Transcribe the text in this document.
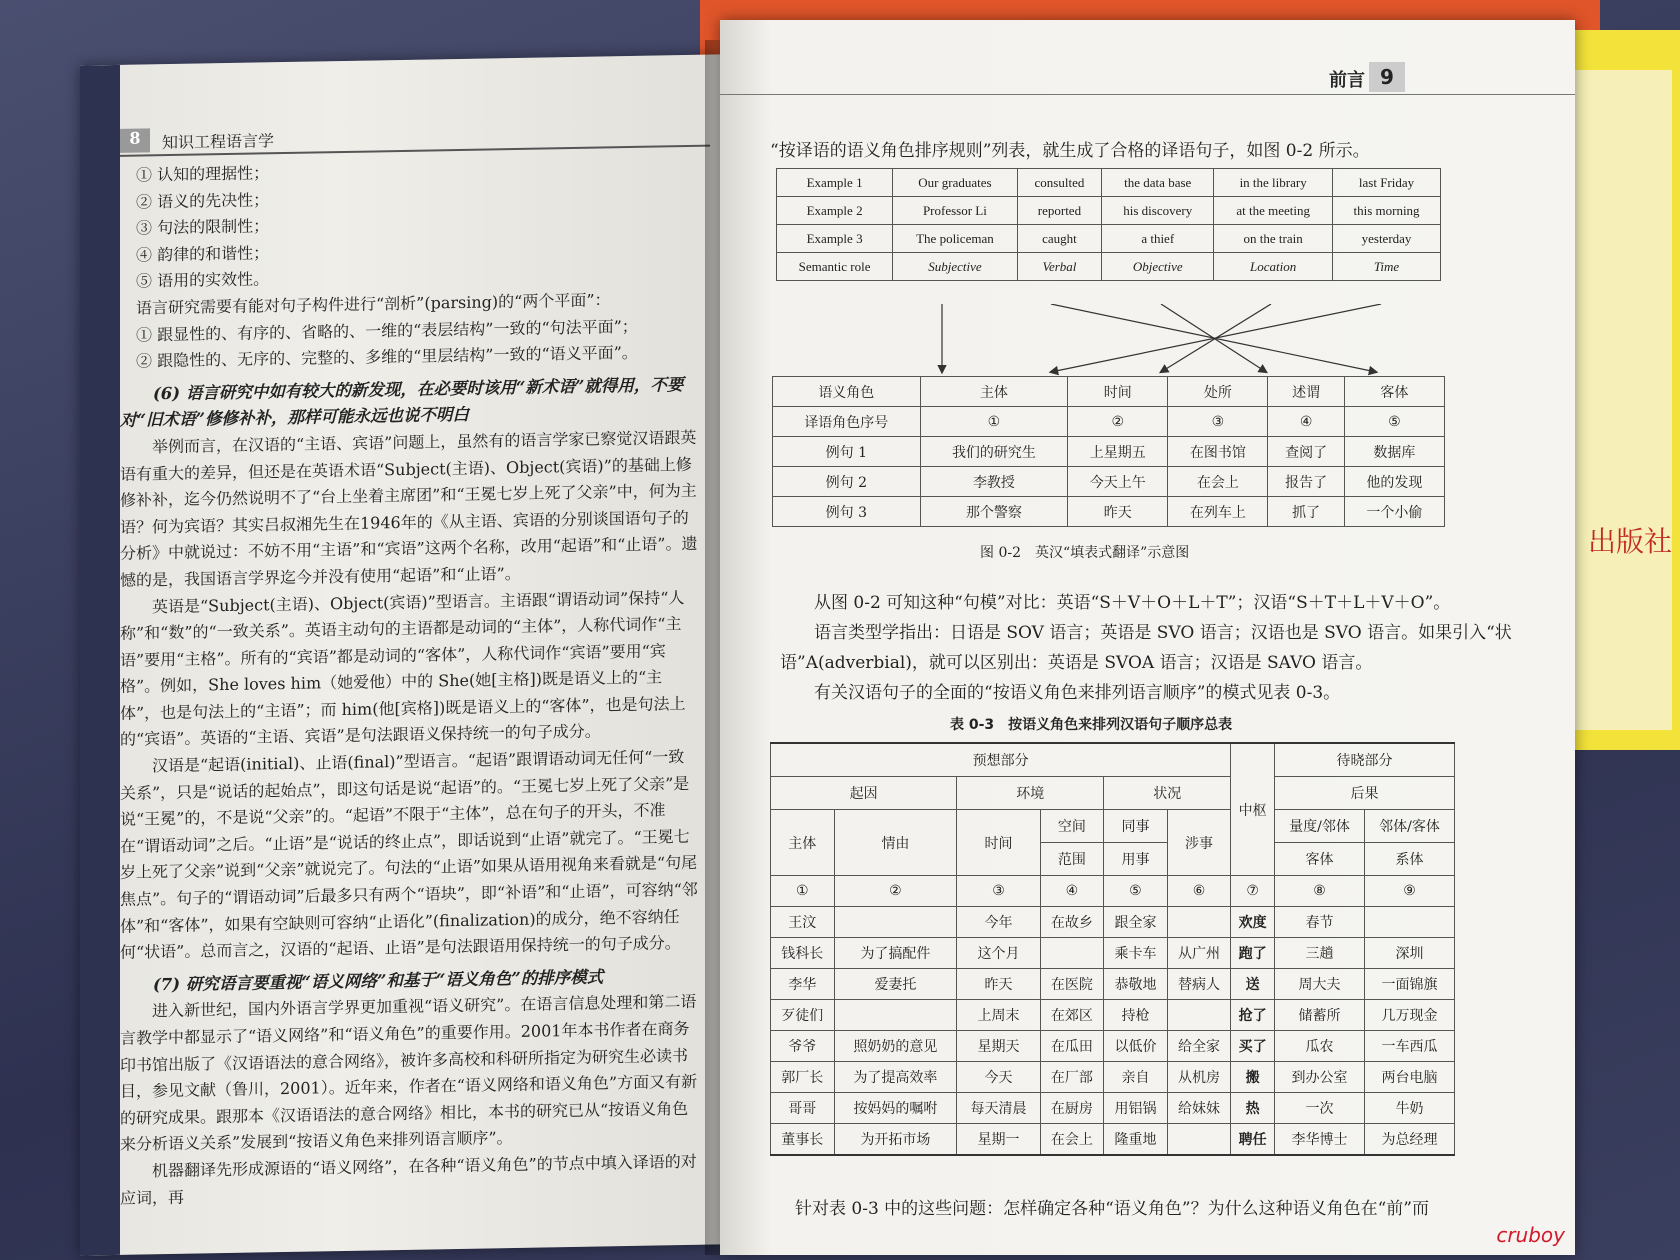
出版社
8	知识工程语言学

① 认知的理据性；

② 语义的先决性；

③ 句法的限制性；

④ 韵律的和谐性；

⑤ 语用的实效性。

语言研究需要有能对句子构件进行“剖析”(parsing)的“两个平面”：

① 跟显性的、有序的、省略的、一维的“表层结构”一致的“句法平面”；

② 跟隐性的、无序的、完整的、多维的“里层结构”一致的“语义平面”。

(6) 语言研究中如有较大的新发现，在必要时该用“新术语”就得用，不要对“旧术语”修修补补，那样可能永远也说不明白

举例而言，在汉语的“主语、宾语”问题上，虽然有的语言学家已察觉汉语跟英语有重大的差异，但还是在英语术语“Subject(主语)、Object(宾语)”的基础上修修补补，迄今仍然说明不了“台上坐着主席团”和“王冕七岁上死了父亲”中，何为主语？何为宾语？其实吕叔湘先生在1946年的《从主语、宾语的分别谈国语句子的分析》中就说过：不妨不用“主语”和“宾语”这两个名称，改用“起语”和“止语”。遗憾的是，我国语言学界迄今并没有使用“起语”和“止语”。

英语是“Subject(主语)、Object(宾语)”型语言。主语跟“谓语动词”保持“人称”和“数”的“一致关系”。英语主动句的主语都是动词的“主体”，人称代词作“主语”要用“主格”。所有的“宾语”都是动词的“客体”，人称代词作“宾语”要用“宾格”。例如，She loves him（她爱他）中的 She(她[主格])既是语义上的“主体”，也是句法上的“主语”；而 him(他[宾格])既是语义上的“客体”，也是句法上的“宾语”。英语的“主语、宾语”是句法跟语义保持统一的句子成分。

汉语是“起语(initial)、止语(final)”型语言。“起语”跟谓语动词无任何“一致关系”，只是“说话的起始点”，即这句话是说“起语”的。“王冕七岁上死了父亲”是说“王冕”的，不是说“父亲”的。“起语”不限于“主体”，总在句子的开头，不准在“谓语动词”之后。“止语”是“说话的终止点”，即话说到“止语”就完了。“王冕七岁上死了父亲”说到“父亲”就说完了。句法的“止语”如果从语用视角来看就是“句尾焦点”。句子的“谓语动词”后最多只有两个“语块”，即“补语”和“止语”，可容纳“邻体”和“客体”，如果有空缺则可容纳“止语化”(finalization)的成分，绝不容纳任何“状语”。总而言之，汉语的“起语、止语”是句法跟语用保持统一的句子成分。

(7) 研究语言要重视“语义网络”和基于“语义角色”的排序模式

进入新世纪，国内外语言学界更加重视“语义研究”。在语言信息处理和第二语言教学中都显示了“语义网络”和“语义角色”的重要作用。2001年本书作者在商务印书馆出版了《汉语语法的意合网络》，被许多高校和科研所指定为研究生必读书目，参见文献（鲁川，2001）。近年来，作者在“语义网络和语义角色”方面又有新的研究成果。跟那本《汉语语法的意合网络》相比，本书的研究已从“按语义角色来分析语义关系”发展到“按语义角色来排列语言顺序”。

机器翻译先形成源语的“语义网络”，在各种“语义角色”的节点中填入译语的对应词，再

前言 9
“按译语的语义角色排序规则”列表，就生成了合格的译语句子，如图 0-2 所示。
Example 1	Our graduates	consulted	the data base	in the library	last Friday
Example 2	Professor Li	reported	his discovery	at the meeting	this morning
Example 3	The policeman	caught	a thief	on the train	yesterday
Semantic role	Subjective	Verbal	Objective	Location	Time
语义角色	主体	时间	处所	述谓	客体
译语角色序号	①	②	③	④	⑤
例句 1	我们的研究生	上星期五	在图书馆	查阅了	数据库
例句 2	李教授	今天上午	在会上	报告了	他的发现
例句 3	那个警察	昨天	在列车上	抓了	一个小偷
图 0-2　英汉“填表式翻译”示意图

从图 0-2 可知这种“句模”对比：英语“S＋V＋O＋L＋T”；汉语“S＋T＋L＋V＋O”。

语言类型学指出：日语是 SOV 语言；英语是 SVO 语言；汉语也是 SVO 语言。如果引入“状语”A(adverbial)，就可以区别出：英语是 SVOA 语言；汉语是 SAVO 语言。

有关汉语句子的全面的“按语义角色来排列语言顺序”的模式见表 0-3。

表 0-3　按语义角色来排列汉语句子顺序总表
预想部分						中枢	待晓部分	
起因		环境		状况			后果	
主体	情由	时间	空间	同事	涉事		量度/邻体	邻体/客体
			范围	用事			客体	系体
①	②	③	④	⑤	⑥	⑦	⑧	⑨
王汶		今年	在故乡	跟全家		欢度	春节	
钱科长	为了搞配件	这个月		乘卡车	从广州	跑了	三趟	深圳
李华	爱妻托	昨天	在医院	恭敬地	替病人	送	周大夫	一面锦旗
歹徒们		上周末	在郊区	持枪		抢了	储蓄所	几万现金
爷爷	照奶奶的意见	星期天	在瓜田	以低价	给全家	买了	瓜农	一车西瓜
郭厂长	为了提高效率	今天	在厂部	亲自	从机房	搬	到办公室	两台电脑
哥哥	按妈妈的嘱咐	每天清晨	在厨房	用铝锅	给妹妹	热	一次	牛奶
董事长	为开拓市场	星期一	在会上	隆重地		聘任	李华博士	为总经理
针对表 0-3 中的这些问题：怎样确定各种“语义角色”？为什么这种语义角色在“前”而
cruboy
